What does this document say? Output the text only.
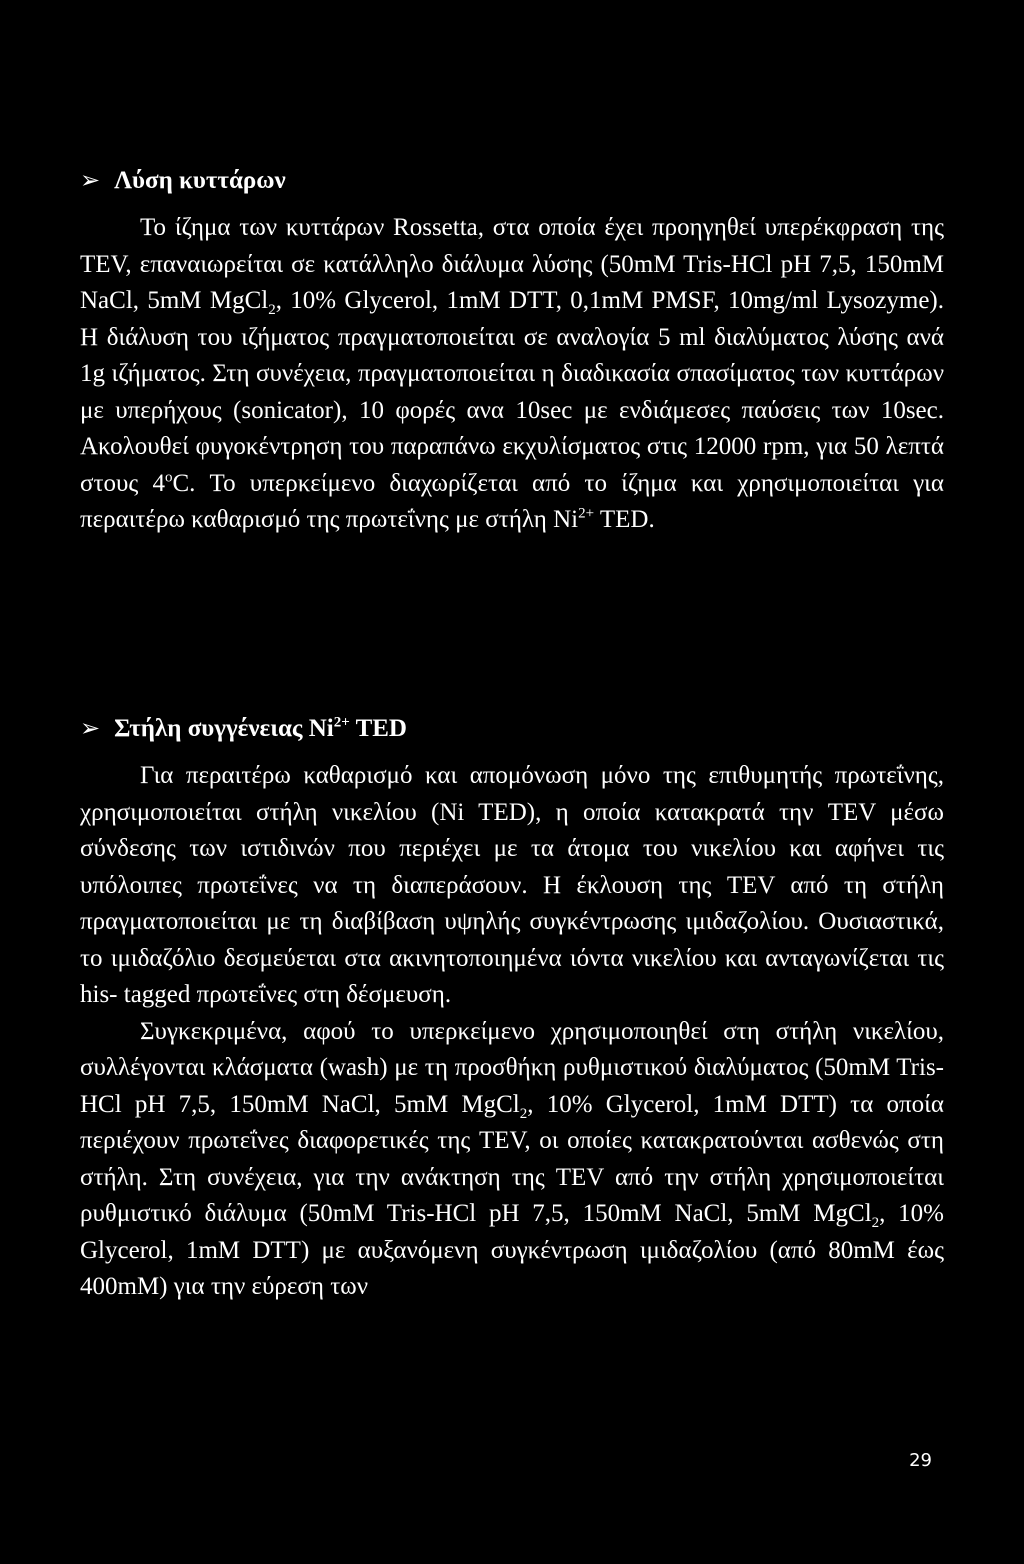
➢ Λύση κυττάρων

Το ίζημα των κυττάρων Rossetta, στα οποία έχει προηγηθεί υπερέκφραση της TEV, επαναιωρείται σε κατάλληλο διάλυμα λύσης (50mM Tris-HCl pH 7,5, 150mM NaCl, 5mM MgCl$_2$, 10% Glycerol, 1mM DTT, 0,1mM PMSF, 10mg/ml Lysozyme). Η διάλυση του ιζήματος πραγματοποιείται σε αναλογία 5 ml διαλύματος λύσης ανά 1g ιζήματος. Στη συνέχεια, πραγματοποιείται η διαδικασία σπασίματος των κυττάρων με υπερήχους (sonicator), 10 φορές ανα 10sec με ενδιάμεσες παύσεις των 10sec. Ακολουθεί φυγοκέντρηση του παραπάνω εκχυλίσματος στις 12000 rpm, για 50 λεπτά στους 4$^o$C. Το υπερκείμενο διαχωρίζεται από το ίζημα και χρησιμοποιείται για περαιτέρω καθαρισμό της πρωτεΐνης με στήλη $Ni^{2+}$ TED.

➢ Στήλη συγγένειας $Ni^{2+}$ TED

Για περαιτέρω καθαρισμό και απομόνωση μόνο της επιθυμητής πρωτεΐνης, χρησιμοποιείται στήλη νικελίου (Ni TED), η οποία κατακρατά την TEV μέσω σύνδεσης των ιστιδινών που περιέχει με τα άτομα του νικελίου και αφήνει τις υπόλοιπες πρωτεΐνες να τη διαπεράσουν. Η έκλουση της TEV από τη στήλη πραγματοποιείται με τη διαβίβαση υψηλής συγκέντρωσης ιμιδαζολίου. Ουσιαστικά, το ιμιδαζόλιο δεσμεύεται στα ακινητοποιημένα ιόντα νικελίου και ανταγωνίζεται τις his- tagged πρωτεΐνες στη δέσμευση.

Συγκεκριμένα, αφού το υπερκείμενο χρησιμοποιηθεί στη στήλη νικελίου, συλλέγονται κλάσματα (wash) με τη προσθήκη ρυθμιστικού διαλύματος (50mM Tris-HCl pH 7,5, 150mM NaCl, 5mM MgCl$_2$, 10% Glycerol, 1mM DTT) τα οποία περιέχουν πρωτεΐνες διαφορετικές της TEV, οι οποίες κατακρατούνται ασθενώς στη στήλη. Στη συνέχεια, για την ανάκτηση της TEV από την στήλη χρησιμοποιείται ρυθμιστικό διάλυμα (50mM Tris-HCl pH 7,5, 150mM NaCl, 5mM MgCl$_2$, 10% Glycerol, 1mM DTT) με αυξανόμενη συγκέντρωση ιμιδαζολίου (από 80mM έως 400mM) για την εύρεση των

29
